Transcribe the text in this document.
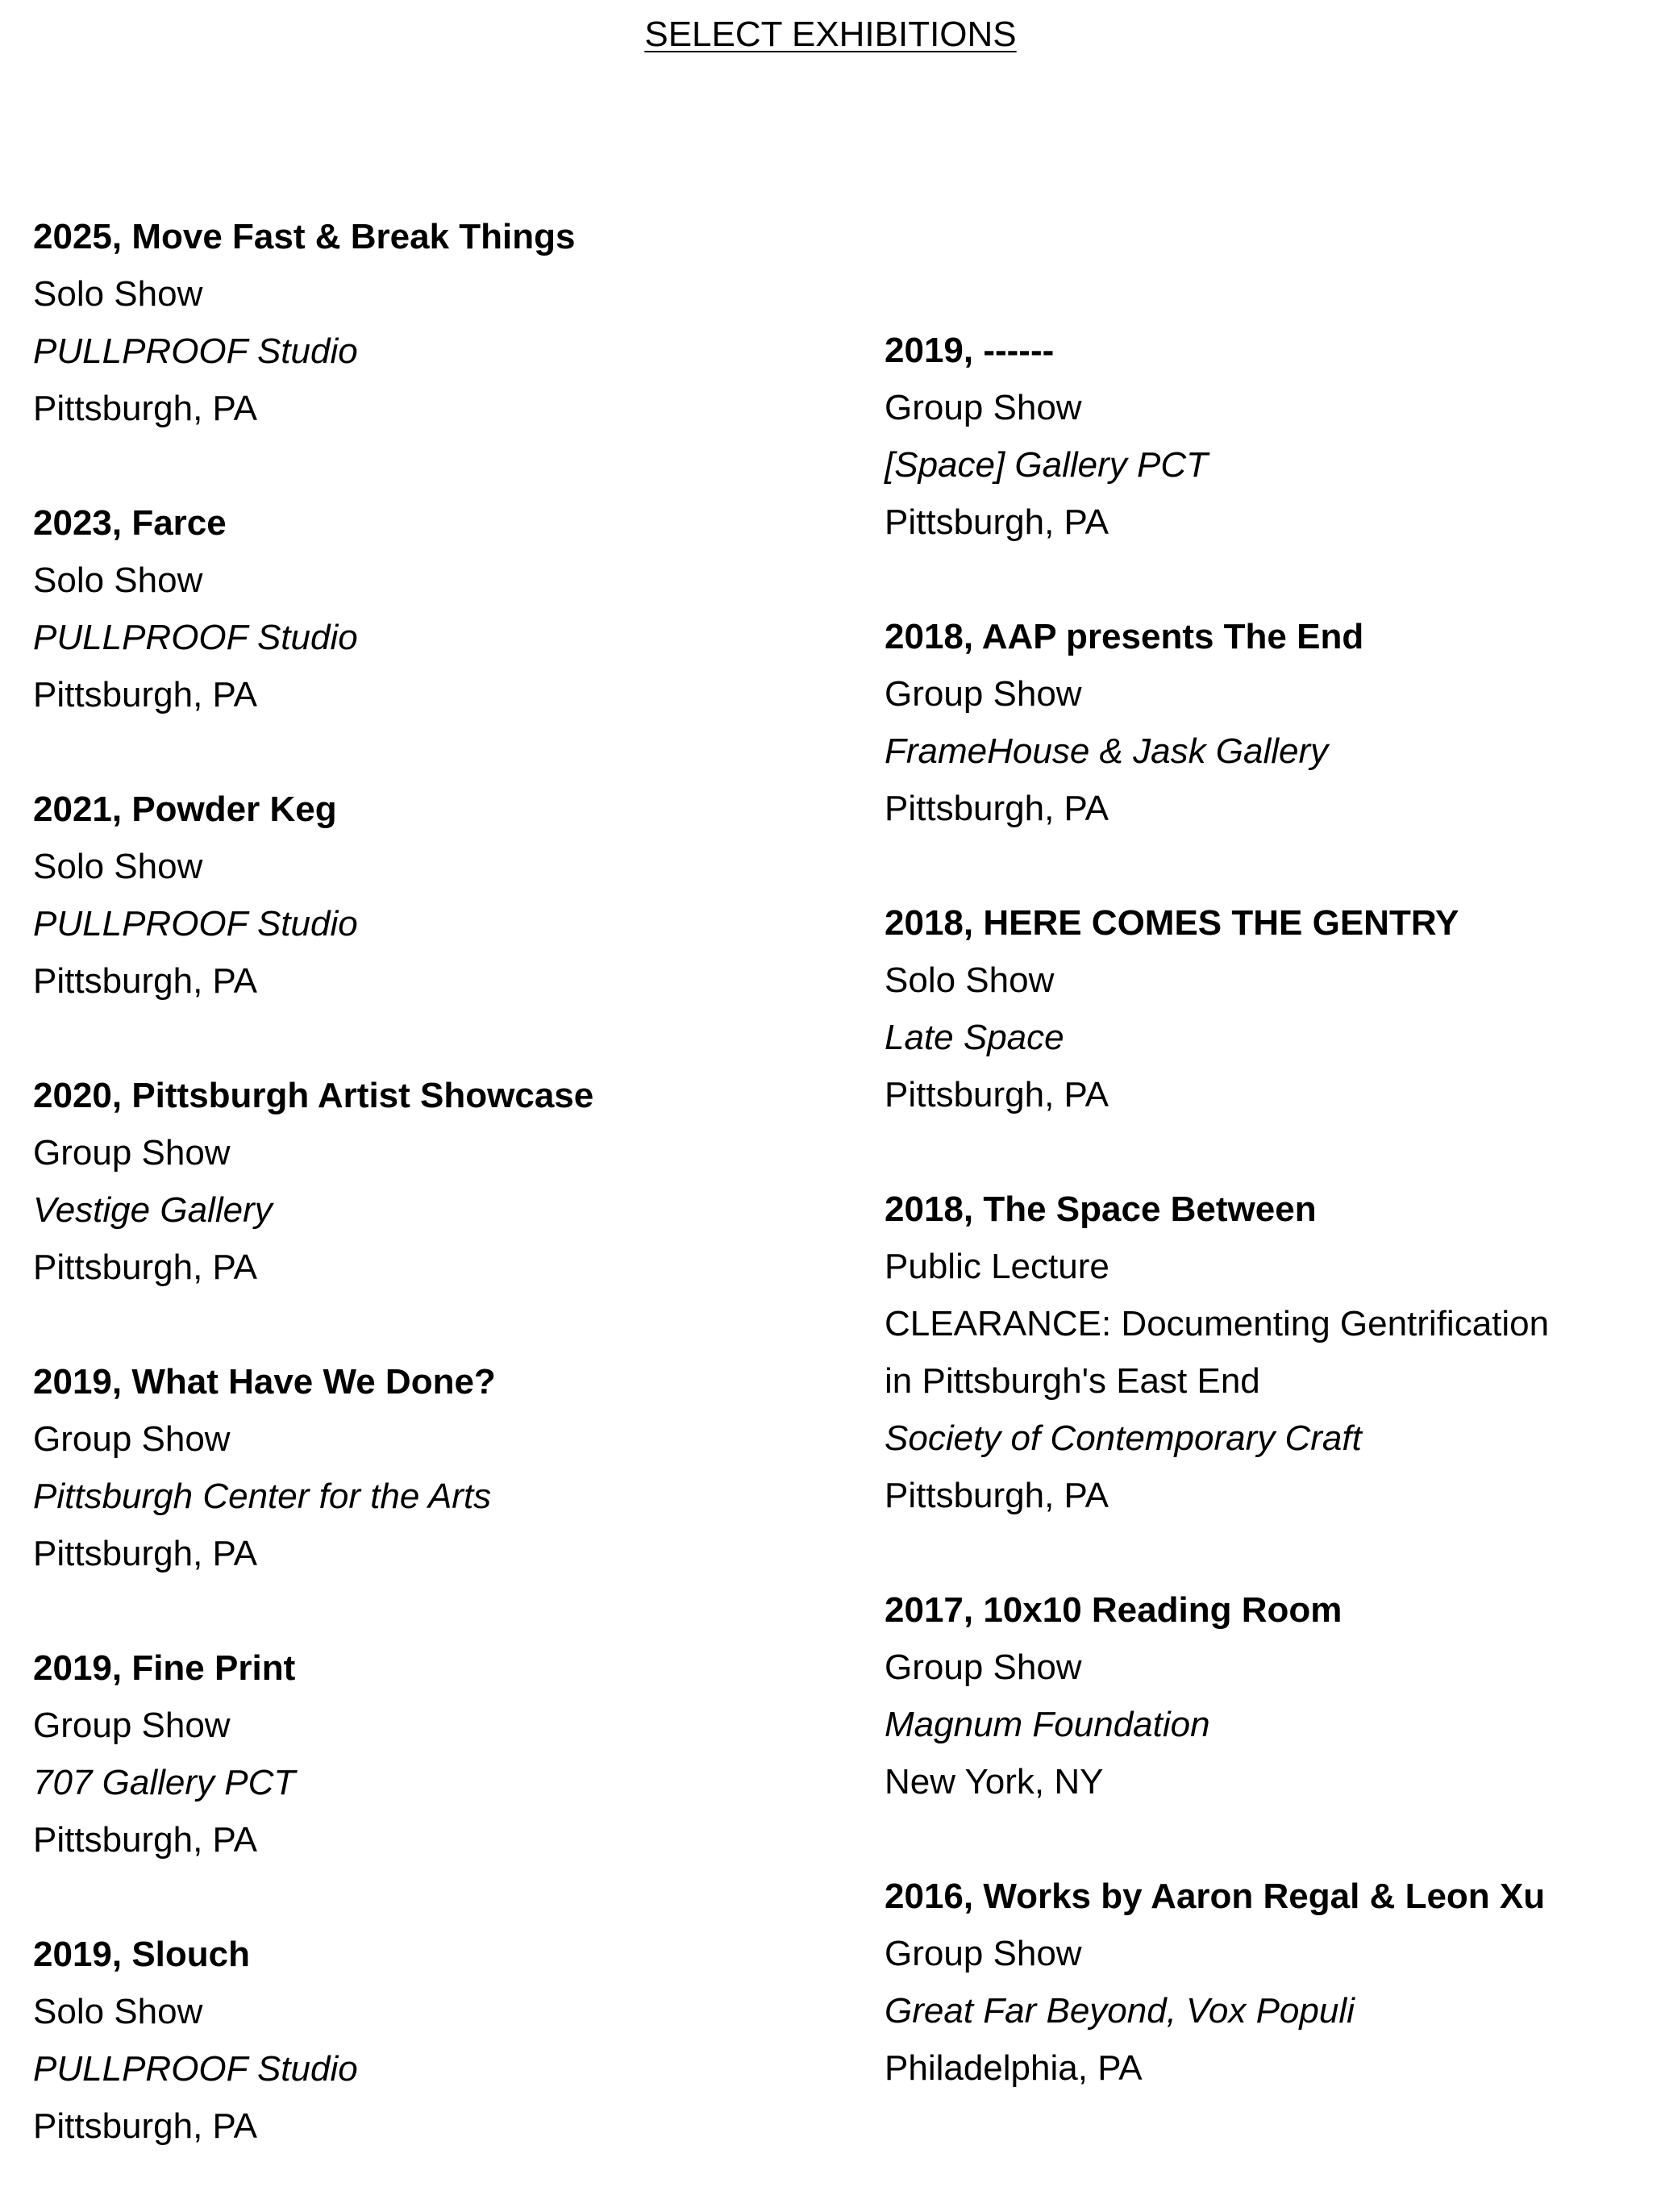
SELECT EXHIBITIONS
2025, Move Fast & Break Things
Solo Show
PULLPROOF Studio
Pittsburgh, PA
2023, Farce
Solo Show
PULLPROOF Studio
Pittsburgh, PA
2021, Powder Keg
Solo Show
PULLPROOF Studio
Pittsburgh, PA
2020, Pittsburgh Artist Showcase
Group Show
Vestige Gallery
Pittsburgh, PA
2019, What Have We Done?
Group Show
Pittsburgh Center for the Arts
Pittsburgh, PA
2019, Fine Print
Group Show
707 Gallery PCT
Pittsburgh, PA
2019, Slouch
Solo Show
PULLPROOF Studio
Pittsburgh, PA
2019, ------
Group Show
[Space] Gallery PCT
Pittsburgh, PA
2018, AAP presents The End
Group Show
FrameHouse & Jask Gallery
Pittsburgh, PA
2018, HERE COMES THE GENTRY
Solo Show
Late Space
Pittsburgh, PA
2018, The Space Between
Public Lecture
CLEARANCE: Documenting Gentrification
in Pittsburgh's East End
Society of Contemporary Craft
Pittsburgh, PA
2017, 10x10 Reading Room
Group Show
Magnum Foundation
New York, NY
2016, Works by Aaron Regal & Leon Xu
Group Show
Great Far Beyond, Vox Populi
Philadelphia, PA
